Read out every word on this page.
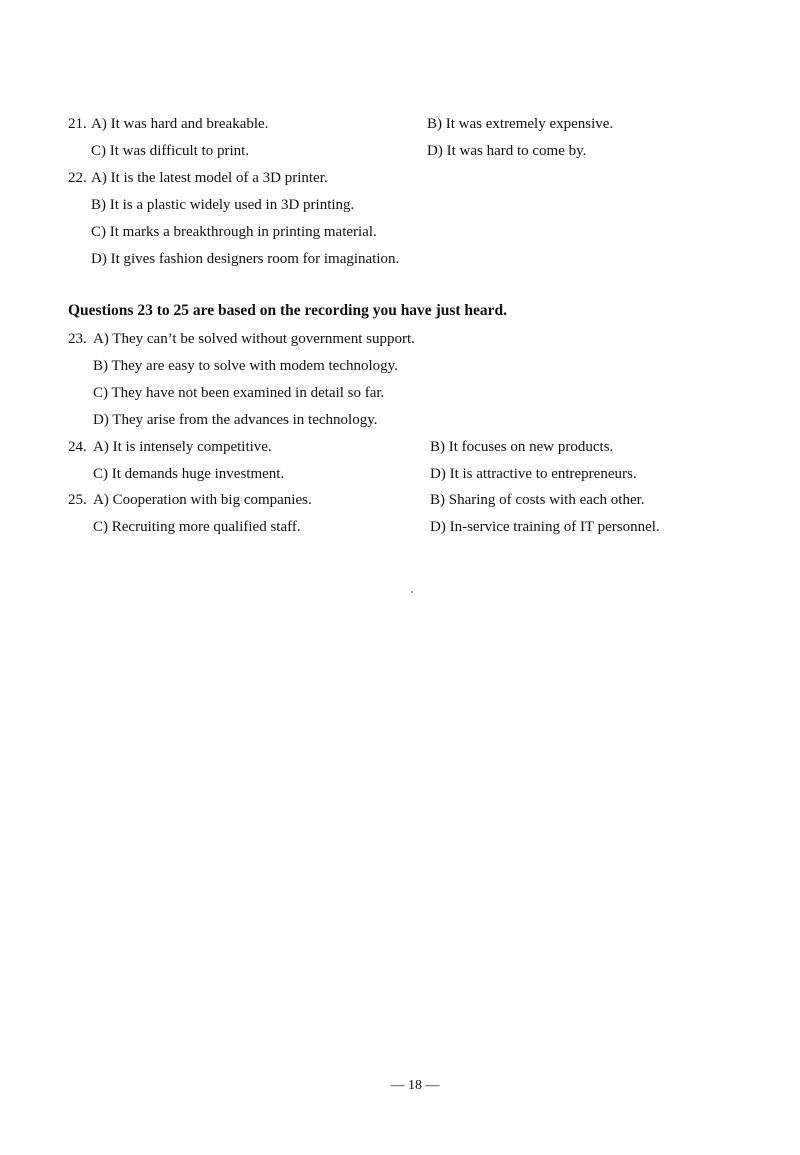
21. A) It was hard and breakable.	B) It was extremely expensive.
C) It was difficult to print.	D) It was hard to come by.
22. A) It is the latest model of a 3D printer.
B) It is a plastic widely used in 3D printing.
C) It marks a breakthrough in printing material.
D) It gives fashion designers room for imagination.
Questions 23 to 25 are based on the recording you have just heard.
23. A) They can’t be solved without government support.
B) They are easy to solve with modem technology.
C) They have not been examined in detail so far.
D) They arise from the advances in technology.
24. A) It is intensely competitive.	B) It focuses on new products.
C) It demands huge investment.	D) It is attractive to entrepreneurs.
25. A) Cooperation with big companies.	B) Sharing of costs with each other.
C) Recruiting more qualified staff.	D) In-service training of IT personnel.
— 18 —
